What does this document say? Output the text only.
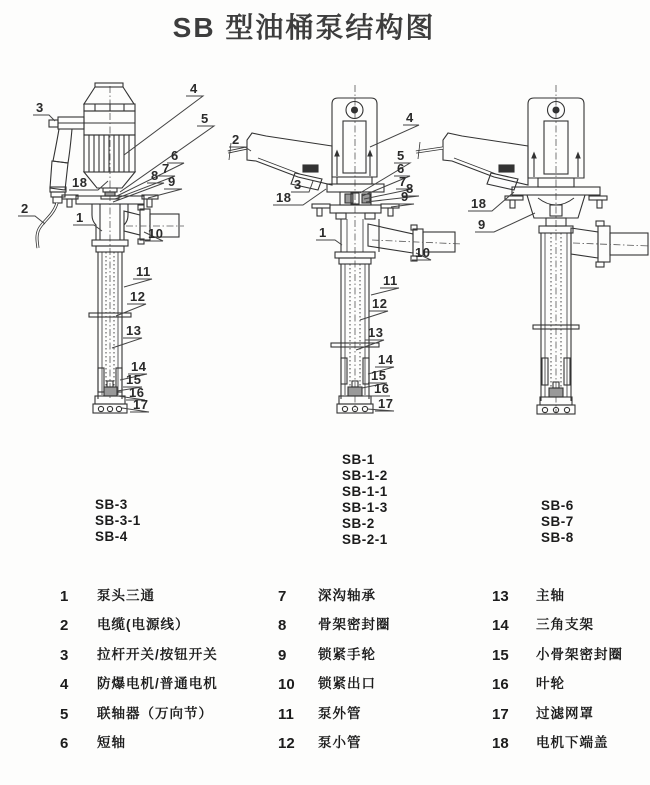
SB 型油桶泵结构图
3
4
5
6
7
8 9
18
2
1
10
11
12
13
14
15
16
17
2
4
3
5
6
7 8
9
18
1
10
11
12
13
14
15
16
17
18
9
SB-3
SB-3-1
SB-4
SB-1
SB-1-2
SB-1-1
SB-1-3
SB-2
SB-2-1
SB-6
SB-7
SB-8
1 泵头三通
2 电缆(电源线）
3 拉杆开关/按钮开关
4 防爆电机/普通电机
5 联轴器（万向节）
6 短轴
7 深沟轴承
8 骨架密封圈
9 锁紧手轮
10 锁紧出口
11 泵外管
12 泵小管
13 主轴
14 三角支架
15 小骨架密封圈
16 叶轮
17 过滤网罩
18 电机下端盖
